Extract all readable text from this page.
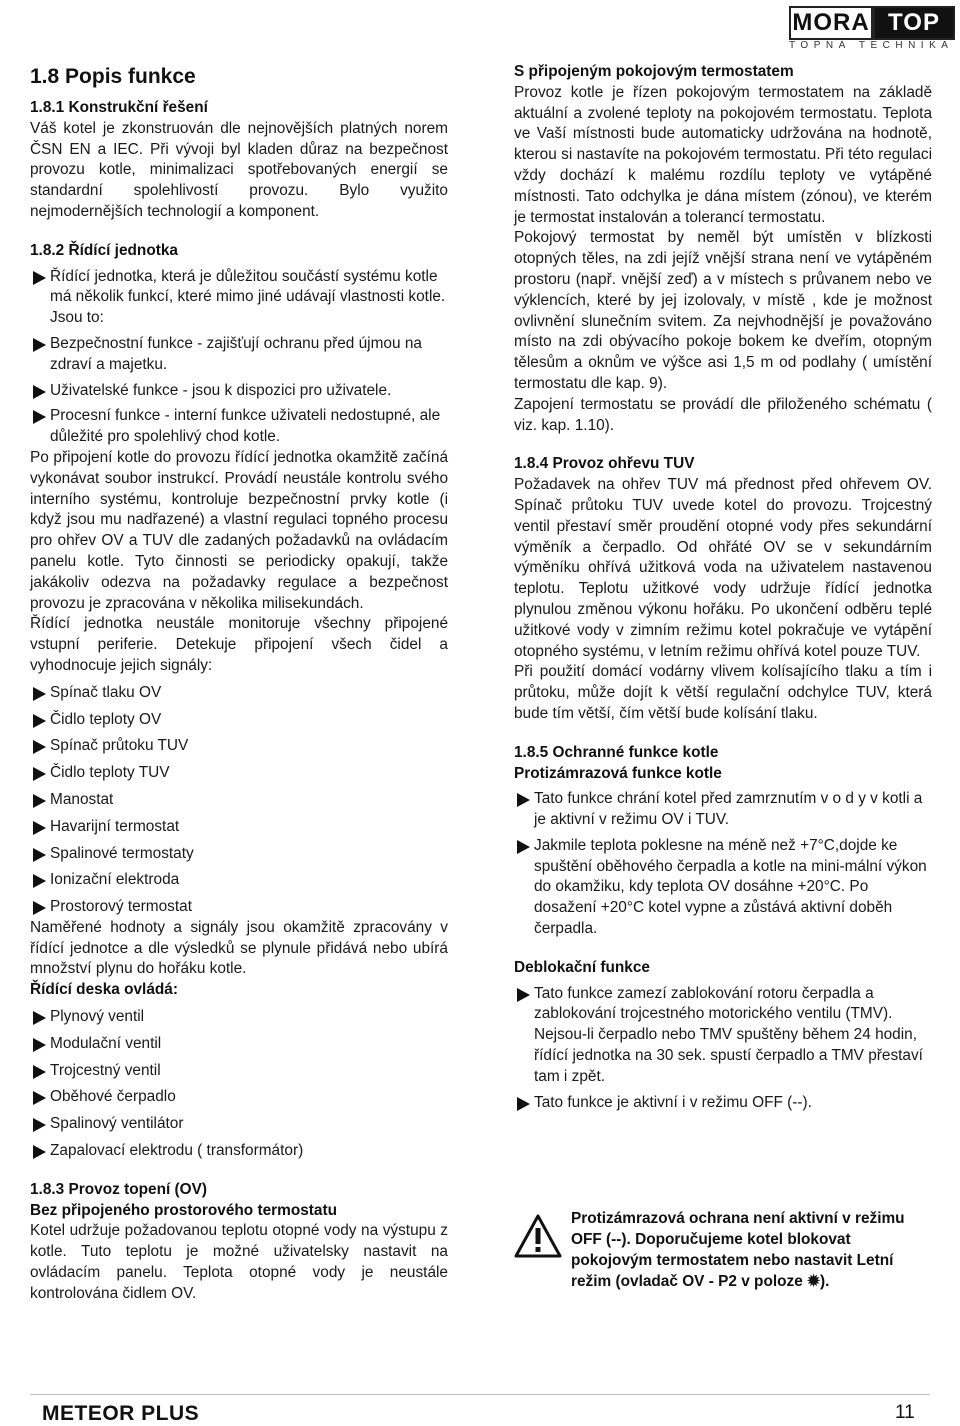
MORA TOP
TOPNÁ TECHNIKA
1.8 Popis funkce
1.8.1 Konstrukční řešení

Váš kotel je zkonstruován dle nejnovějších platných norem ČSN EN a IEC. Při vývoji byl kladen důraz na bezpečnost provozu kotle, minimalizaci spotřebovaných energií se standardní spolehlivostí provozu. Bylo využito nejmodernějších technologií a komponent.

1.8.2 Řídící jednotka
Řídící jednotka, která je důležitou součástí systému kotle má několik funkcí, které mimo jiné udávají vlastnosti kotle. Jsou to:
Bezpečnostní funkce - zajišťují ochranu před újmou na zdraví a majetku.
Uživatelské funkce - jsou k dispozici pro uživatele.
Procesní funkce - interní funkce uživateli nedostupné, ale důležité pro spolehlivý chod kotle.

Po připojení kotle do provozu řídící jednotka okamžitě začíná vykonávat soubor instrukcí. Provádí neustále kontrolu svého interního systému, kontroluje bezpečnostní prvky kotle (i když jsou mu nadřazené) a vlastní regulaci topného procesu pro ohřev OV a TUV dle zadaných požadavků na ovládacím panelu kotle. Tyto činnosti se periodicky opakují, takže jakákoliv odezva na požadavky regulace a bezpečnost provozu je zpracována v několika milisekundách.

Řídící jednotka neustále monitoruje všechny připojené vstupní periferie. Detekuje připojení všech čidel a vyhodnocuje jejich signály:

Spínač tlaku OV
Čidlo teploty OV
Spínač průtoku TUV
Čidlo teploty TUV
Manostat
Havarijní termostat
Spalinové termostaty
Ionizační elektroda
Prostorový termostat

Naměřené hodnoty a signály jsou okamžitě zpracovány v řídící jednotce a dle výsledků se plynule přidává nebo ubírá množství plynu do hořáku kotle.

Řídící deska ovládá:
Plynový ventil
Modulační ventil
Trojcestný ventil
Oběhové čerpadlo
Spalinový ventilátor
Zapalovací elektrodu ( transformátor)
1.8.3 Provoz topení (OV)
Bez připojeného prostorového termostatu

Kotel udržuje požadovanou teplotu otopné vody na výstupu z kotle. Tuto teplotu je možné uživatelsky nastavit na ovládacím panelu. Teplota otopné vody je neustále kontrolována čidlem OV.

S připojeným pokojovým termostatem

Provoz kotle je řízen pokojovým termostatem na základě aktuální a zvolené teploty na pokojovém termostatu. Teplota ve Vaší místnosti bude automaticky udržována na hodnotě, kterou si nastavíte na pokojovém termostatu. Při této regulaci vždy dochází k malému rozdílu teploty ve vytápěné místnosti. Tato odchylka je dána místem (zónou), ve kterém je termostat instalován a tolerancí termostatu.

Pokojový termostat by neměl být umístěn v blízkosti otopných těles, na zdi jejíž vnější strana není ve vytápěném prostoru (např. vnější zeď) a v místech s průvanem nebo ve výklencích, které by jej izolovaly, v místě , kde je možnost ovlivnění slunečním svitem. Za nejvhodnější je považováno místo na zdi obývacího pokoje bokem ke dveřím, otopným tělesům a oknům ve výšce asi 1,5 m od podlahy ( umístění termostatu dle kap. 9).

Zapojení termostatu se provádí dle přiloženého schématu ( viz. kap. 1.10).

1.8.4 Provoz ohřevu TUV

Požadavek na ohřev TUV má přednost před ohřevem OV. Spínač průtoku TUV uvede kotel do provozu. Trojcestný ventil přestaví směr proudění otopné vody přes sekundární výměník a čerpadlo. Od ohřáté OV se v sekundárním výměníku ohřívá užitková voda na uživatelem nastavenou teplotu. Teplotu užitkové vody udržuje řídící jednotka plynulou změnou výkonu hořáku. Po ukončení odběru teplé užitkové vody v zimním režimu kotel pokračuje ve vytápění otopného systému, v letním režimu ohřívá kotel pouze TUV.

Při použití domácí vodárny vlivem kolísajícího tlaku a tím i průtoku, může dojít k větší regulační odchylce TUV, která bude tím větší, čím větší bude kolísání tlaku.

1.8.5 Ochranné funkce kotle
Protizámrazová funkce kotle
Tato funkce chrání kotel před zamrznutím v o d y v kotli a je aktivní v režimu OV i TUV.
Jakmile teplota poklesne na méně než +7°C,dojde ke spuštění oběhového čerpadla a kotle na mini-mální výkon do okamžiku, kdy teplota OV dosáhne +20°C. Po dosažení +20°C kotel vypne a zůstává aktivní doběh čerpadla.
Deblokační funkce
Tato funkce zamezí zablokování rotoru čerpadla a zablokování trojcestného motorického ventilu (TMV). Nejsou-li čerpadlo nebo TMV spuštěny během 24 hodin, řídící jednotka na 30 sek. spustí čerpadlo a TMV přestaví tam i zpět.
Tato funkce je aktivní i v režimu OFF (--).
Protizámrazová ochrana není aktivní v režimu OFF (--). Doporučujeme kotel blokovat pokojovým termostatem nebo nastavit Letní režim (ovladač OV - P2 v poloze ✹).
METEOR PLUS	11
